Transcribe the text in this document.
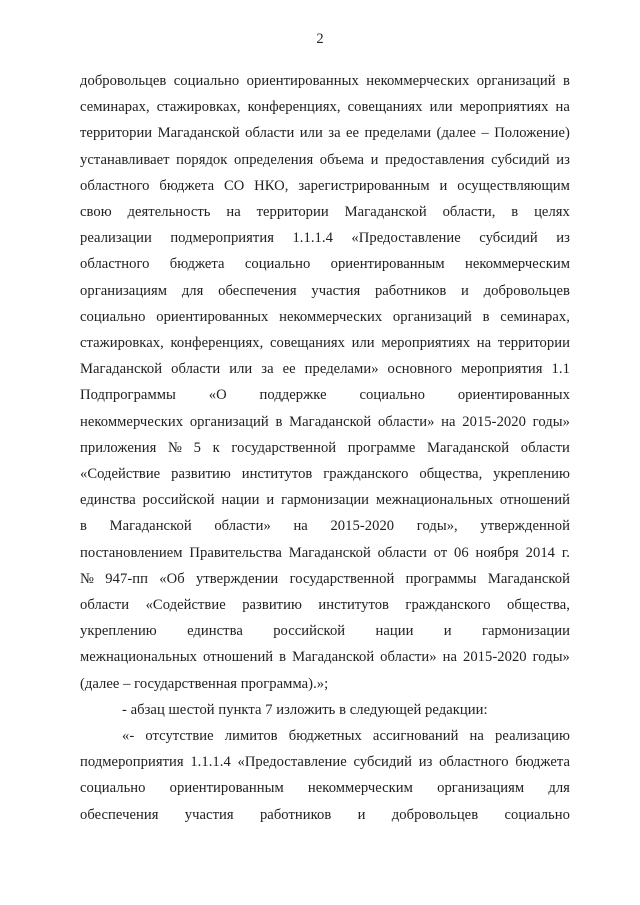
2
добровольцев социально ориентированных некоммерческих организаций в
семинарах, стажировках, конференциях, совещаниях или мероприятиях на
территории Магаданской области или за ее пределами (далее – Положение)
устанавливает порядок определения объема и предоставления субсидий из
областного бюджета СО НКО, зарегистрированным и осуществляющим
свою деятельность на территории Магаданской области, в целях
реализации подмероприятия 1.1.1.4 «Предоставление субсидий из
областного бюджета социально ориентированным некоммерческим
организациям для обеспечения участия работников и добровольцев
социально ориентированных некоммерческих организаций в семинарах,
стажировках, конференциях, совещаниях или мероприятиях на территории
Магаданской области или за ее пределами» основного мероприятия 1.1
Подпрограммы «О поддержке социально ориентированных
некоммерческих организаций в Магаданской области» на 2015-2020 годы»
приложения № 5 к государственной программе Магаданской области
«Содействие развитию институтов гражданского общества, укреплению
единства российской нации и гармонизации межнациональных отношений
в Магаданской области» на 2015-2020 годы», утвержденной
постановлением Правительства Магаданской области от 06 ноября 2014 г.
№ 947-пп «Об утверждении государственной программы Магаданской
области «Содействие развитию институтов гражданского общества,
укреплению единства российской нации и гармонизации
межнациональных отношений в Магаданской области» на 2015-2020 годы»
(далее – государственная программа).»;
- абзац шестой пункта 7 изложить в следующей редакции:
«- отсутствие лимитов бюджетных ассигнований на реализацию
подмероприятия 1.1.1.4 «Предоставление субсидий из областного бюджета
социально ориентированным некоммерческим организациям для
обеспечения участия работников и добровольцев социально
